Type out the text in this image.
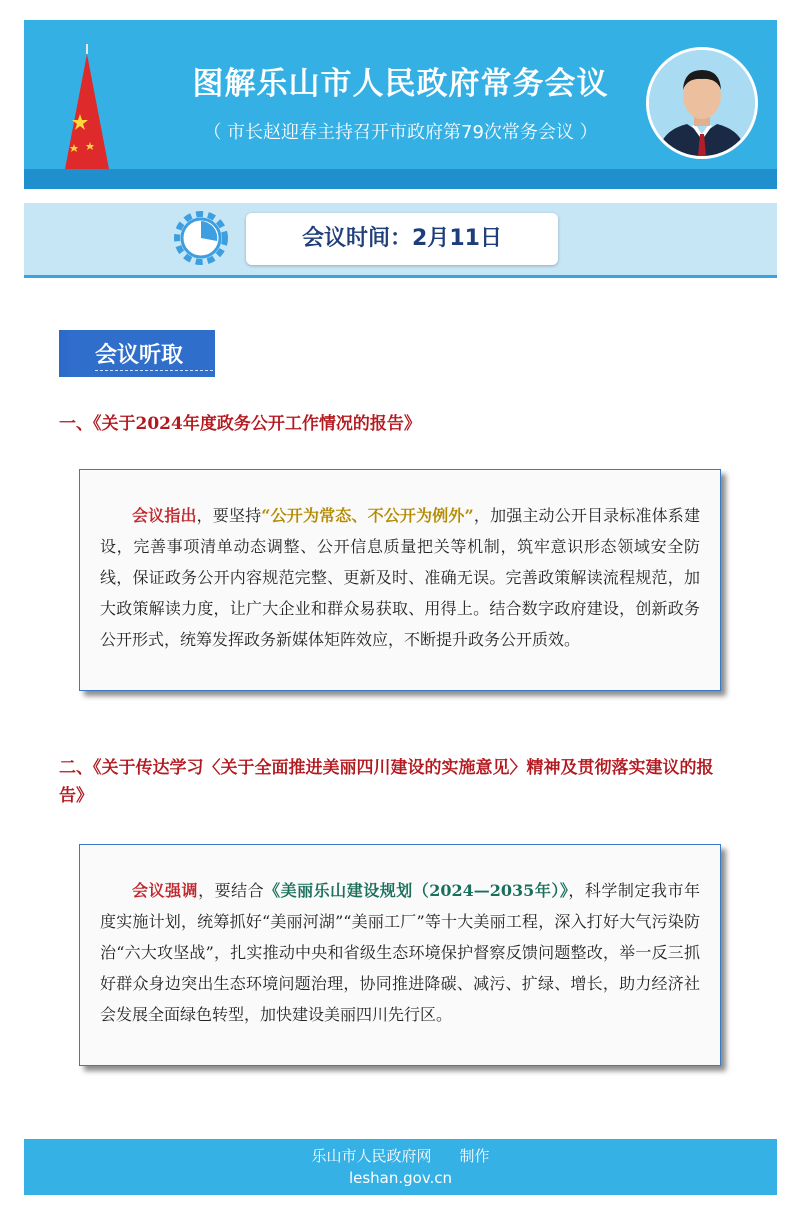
图解乐山市人民政府常务会议
（ 市长赵迎春主持召开市政府第79次常务会议 ）
会议时间：2月11日
会议听取
一、《关于2024年度政务公开工作情况的报告》
会议指出，要坚持“公开为常态、不公开为例外”，加强主动公开目录标准体系建设，完善事项清单动态调整、公开信息质量把关等机制，筑牢意识形态领域安全防线，保证政务公开内容规范完整、更新及时、准确无误。完善政策解读流程规范，加大政策解读力度，让广大企业和群众易获取、用得上。结合数字政府建设，创新政务公开形式，统筹发挥政务新媒体矩阵效应，不断提升政务公开质效。
二、《关于传达学习〈关于全面推进美丽四川建设的实施意见〉精神及贯彻落实建议的报告》
会议强调，要结合《美丽乐山建设规划（2024—2035年）》，科学制定我市年度实施计划，统筹抓好“美丽河湖”“美丽工厂”等十大美丽工程，深入打好大气污染防治“六大攻坚战”，扎实推动中央和省级生态环境保护督察反馈问题整改，举一反三抓好群众身边突出生态环境问题治理，协同推进降碳、减污、扩绿、增长，助力经济社会发展全面绿色转型，加快建设美丽四川先行区。
乐山市人民政府网 制作
leshan.gov.cn
